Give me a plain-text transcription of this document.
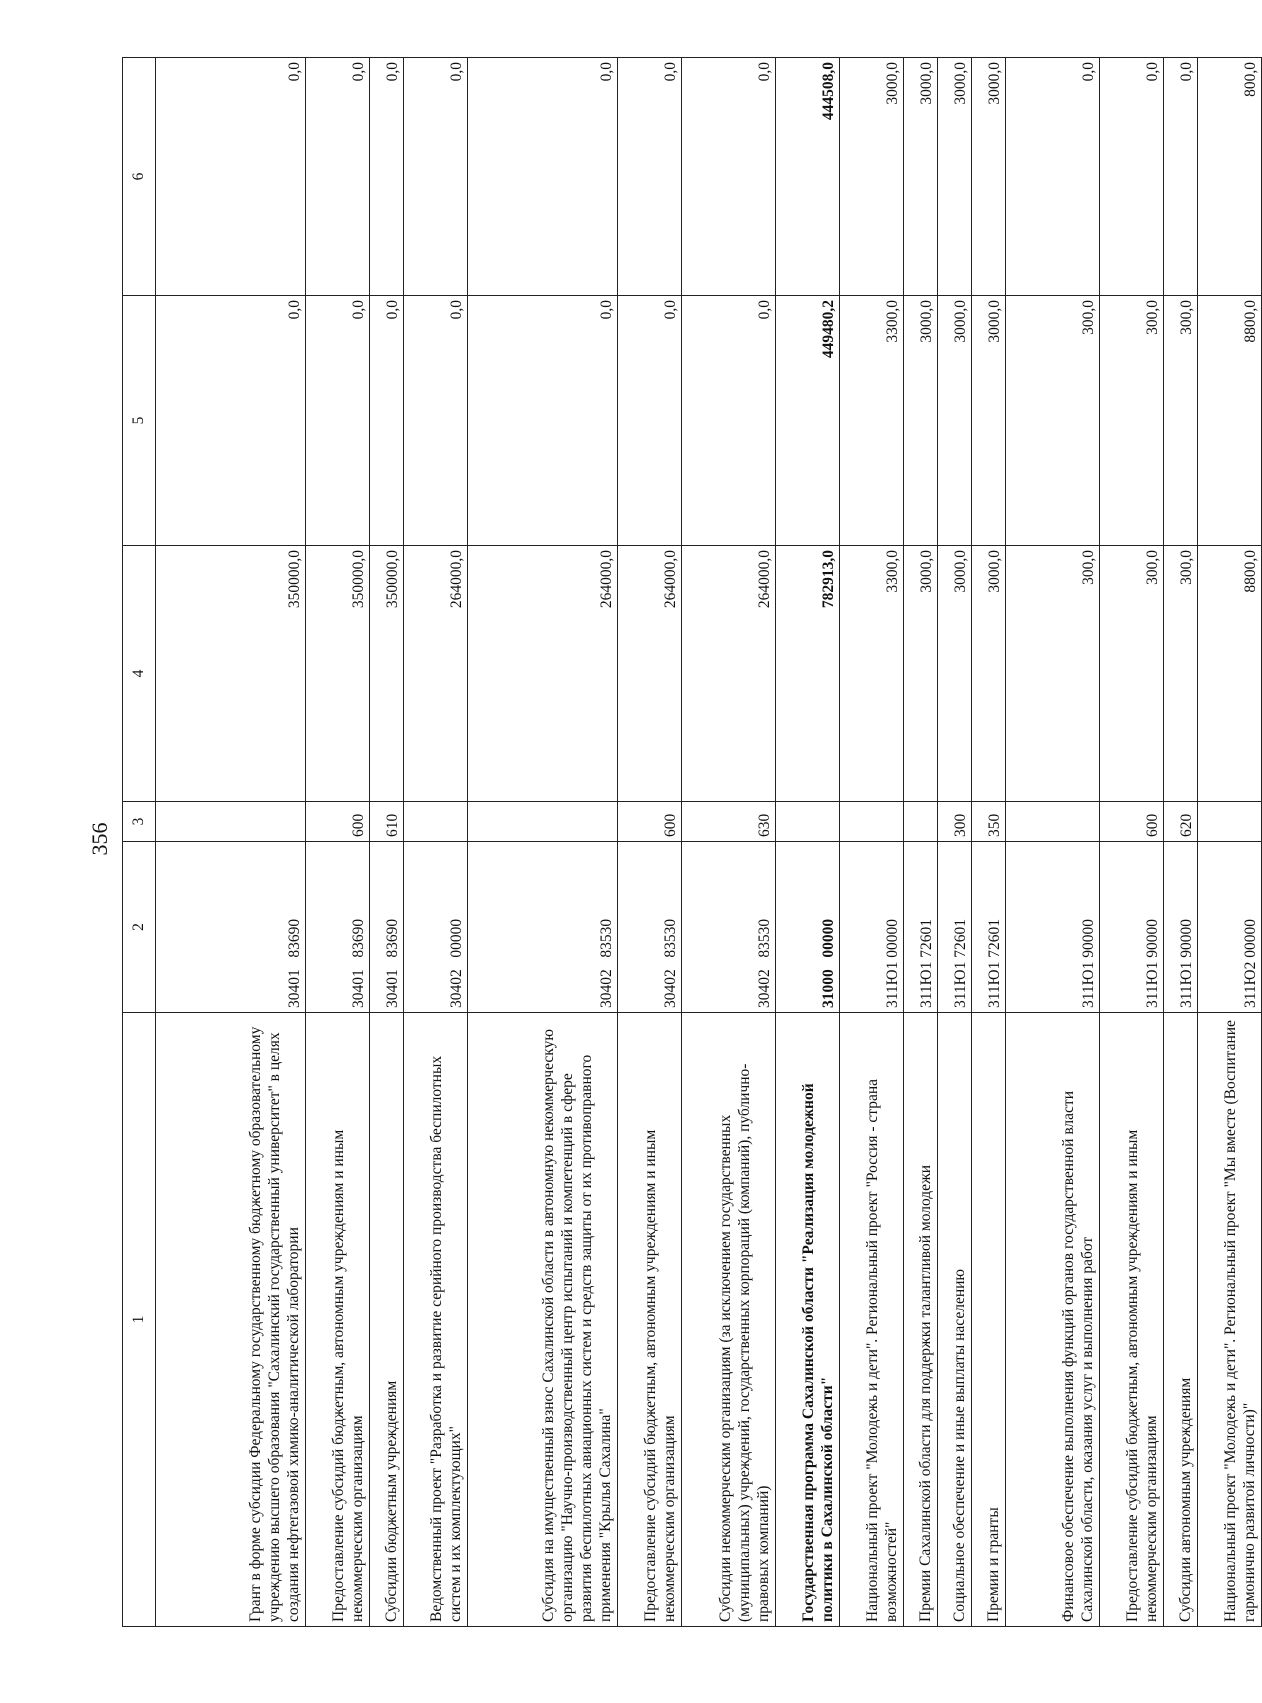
356
1	2	3	4	5	6
Грант в форме субсидии Федеральному государственному бюджетному образовательному учреждению высшего образования "Сахалинский государственный университет" в целях создания нефтегазовой химико-аналитической лаборатории	30401   83690		350000,0	0,0	0,0
Предоставление субсидий бюджетным, автономным учреждениям и иным некоммерческим организациям	30401   83690	600	350000,0	0,0	0,0
Субсидии бюджетным учреждениям	30401   83690	610	350000,0	0,0	0,0
Ведомственный проект "Разработка и развитие серийного производства беспилотных систем и их комплектующих"	30402   00000		264000,0	0,0	0,0
Субсидия на имущественный взнос Сахалинской области в автономную некоммерческую организацию "Научно-производственный центр испытаний и компетенций в сфере развития беспилотных авиационных систем и средств защиты от их противоправного применения "Крылья Сахалина"	30402   83530		264000,0	0,0	0,0
Предоставление субсидий бюджетным, автономным учреждениям и иным некоммерческим организациям	30402   83530	600	264000,0	0,0	0,0
Субсидии некоммерческим организациям (за исключением государственных (муниципальных) учреждений, государственных корпораций (компаний), публично-правовых компаний)	30402   83530	630	264000,0	0,0	0,0
Государственная программа Сахалинской области "Реализация молодежной политики в Сахалинской области"	31000   00000		782913,0	449480,2	444508,0
Национальный проект "Молодежь и дети". Региональный проект "Россия - страна возможностей"	311Ю1 00000		3300,0	3300,0	3000,0
Премии Сахалинской области для поддержки талантливой молодежи	311Ю1 72601		3000,0	3000,0	3000,0
Социальное обеспечение и иные выплаты населению	311Ю1 72601	300	3000,0	3000,0	3000,0
Премии и гранты	311Ю1 72601	350	3000,0	3000,0	3000,0
Финансовое обеспечение выполнения функций органов государственной власти Сахалинской области, оказания услуг и выполнения работ	311Ю1 90000		300,0	300,0	0,0
Предоставление субсидий бюджетным, автономным учреждениям и иным некоммерческим организациям	311Ю1 90000	600	300,0	300,0	0,0
Субсидии автономным учреждениям	311Ю1 90000	620	300,0	300,0	0,0
Национальный проект "Молодежь и дети". Региональный проект "Мы вместе (Воспитание гармонично развитой личности)"	311Ю2 00000		8800,0	8800,0	800,0
